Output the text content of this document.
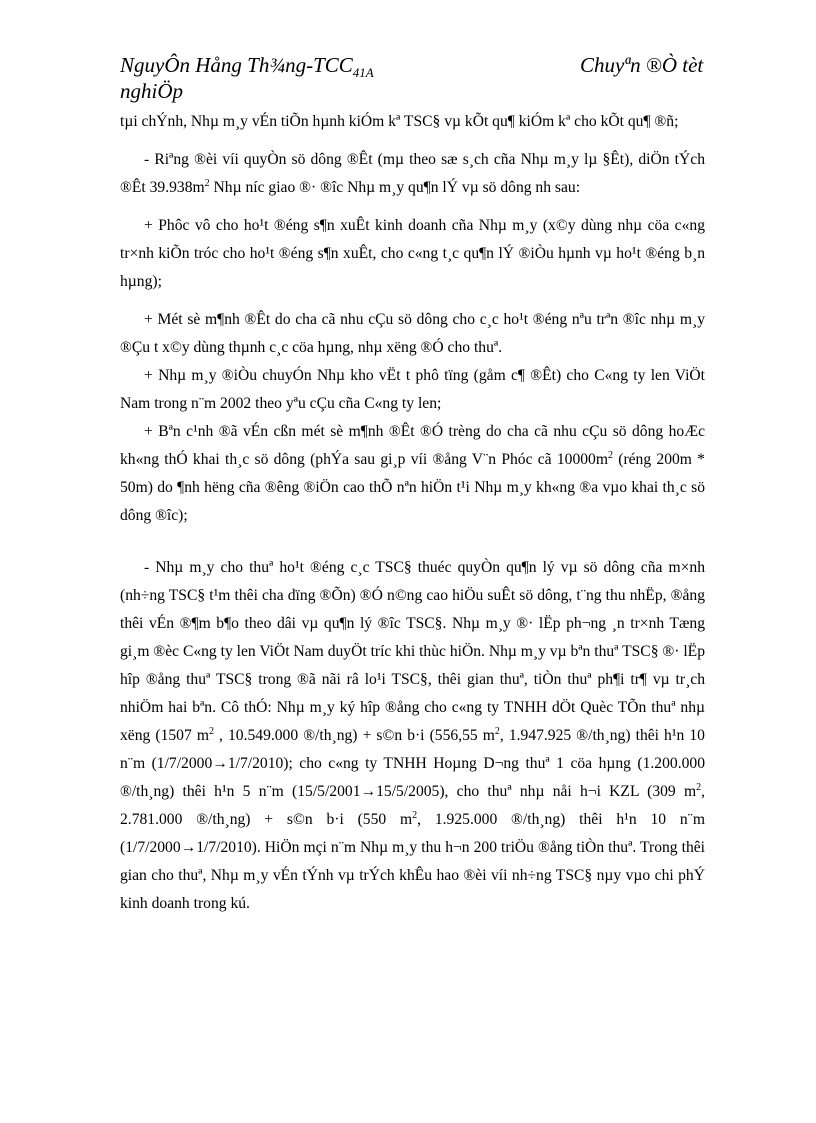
NguyÔn Hång Th¾ng-$TCC_{41A}$	Chuyªn ®Ò tèt
nghiÖp

tµi chÝnh, Nhµ m¸y vÉn tiÕn hµnh kiÓm kª TSC§ vµ kÕt qu¶ kiÓm kª cho kÕt qu¶ ®ñ;

- Riªng ®èi víi quyÒn sö dông ®Êt (mµ theo sæ s¸ch cña Nhµ m¸y lµ §Êt), diÖn tÝch ®Êt $39.938m^2$ Nhµ níc giao ®· ®îc Nhµ m¸y qu¶n lÝ vµ sö dông nh sau:

+ Phôc vô cho ho¹t ®éng s¶n xuÊt kinh doanh cña Nhµ m¸y (x©y dùng nhµ cöa c«ng tr×nh kiÕn tróc cho ho¹t ®éng s¶n xuÊt, cho c«ng t¸c qu¶n lÝ ®iÒu hµnh vµ ho¹t ®éng b¸n hµng);

+ Mét sè m¶nh ®Êt do cha cã nhu cÇu sö dông cho c¸c ho¹t ®éng nªu trªn ®îc nhµ m¸y ®Çu t x©y dùng thµnh c¸c cöa hµng, nhµ xëng ®Ó cho thuª.

+ Nhµ m¸y ®iÒu chuyÓn Nhµ kho vËt t phô tïng (gåm c¶ ®Êt) cho C«ng ty len ViÖt Nam trong n¨m 2002 theo yªu cÇu cña C«ng ty len;

+ Bªn c¹nh ®ã vÉn cßn mét sè m¶nh ®Êt ®Ó trèng do cha cã nhu cÇu sö dông hoÆc kh«ng thÓ khai th¸c sö dông (phÝa sau gi¸p víi ®ång V¨n Phóc cã $10000m^2$ (réng 200m * 50m) do ¶nh hëng cña ®êng ®iÖn cao thÕ nªn hiÖn t¹i Nhµ m¸y kh«ng ®a vµo khai th¸c sö dông ®îc);

- Nhµ m¸y cho thuª ho¹t ®éng c¸c TSC§ thuéc quyÒn qu¶n lý vµ sö dông cña m×nh (nh÷ng TSC§ t¹m thêi cha dïng ®Õn) ®Ó n©ng cao hiÖu suÊt sö dông, t¨ng thu nhËp, ®ång thêi vÉn ®¶m b¶o theo dâi vµ qu¶n lý ®îc TSC§. Nhµ m¸y ®· lËp ph¬ng ¸n tr×nh Tæng gi¸m ®èc C«ng ty len ViÖt Nam duyÖt tríc khi thùc hiÖn. Nhµ m¸y vµ bªn thuª TSC§ ®· lËp hîp ®ång thuª TSC§ trong ®ã nãi râ lo¹i TSC§, thêi gian thuª, tiÒn thuª ph¶i tr¶ vµ tr¸ch nhiÖm hai bªn. Cô thÓ: Nhµ m¸y ký hîp ®ång cho c«ng ty TNHH dÖt Quèc TÕn thuª nhµ xëng (1507 $m^2$ , 10.549.000 ®/th¸ng) + s©n b·i (556,55 $m^2$, 1.947.925 ®/th¸ng) thêi h¹n 10 n¨m (1/7/2000→1/7/2010); cho c«ng ty TNHH Hoµng D¬ng thuª 1 cöa hµng (1.200.000 ®/th¸ng) thêi h¹n 5 n¨m (15/5/2001→15/5/2005), cho thuª nhµ nåi h¬i KZL (309 $m^2$, 2.781.000 ®/th¸ng) + s©n b·i (550 $m^2$, 1.925.000 ®/th¸ng) thêi h¹n 10 n¨m (1/7/2000→1/7/2010). HiÖn mçi n¨m Nhµ m¸y thu h¬n 200 triÖu ®ång tiÒn thuª. Trong thêi gian cho thuª, Nhµ m¸y vÉn tÝnh vµ trÝch khÊu hao ®èi víi nh÷ng TSC§ nµy vµo chi phÝ kinh doanh trong kú.
